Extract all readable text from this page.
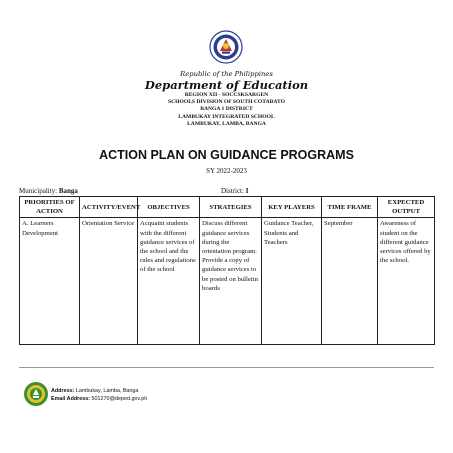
Republic of the Philippines
Department of Education
REGION XII - SOCCSKSARGEN
SCHOOLS DIVISION OF SOUTH COTABATO
BANGA 1 DISTRICT
LAMBUKAY INTEGRATED SCHOOL
LAMBUKAY, LAMBA, BANGA
ACTION PLAN ON GUIDANCE PROGRAMS
SY 2022-2023
Municipality: Banga	District: I
PRIORITIES OF ACTION	ACTIVITY/EVENT	OBJECTIVES	STRATEGIES	KEY PLAYERS	TIME FRAME	EXPECTED OUTPUT
A. Learners Development	Orientation Service	Acquaint students with the different guidance services of the school and the rules and regulations of the school	Discuss different guidance services during the orientation program. Provide a copy of guidance services to be posted on bulletin boards	Guidance Teacher, Students and Teachers	September	Awareness of student on the different guidance services offered by the school.
Address: Lambukay, Lamba, Banga
Email Address: 501270@deped.gov.ph
